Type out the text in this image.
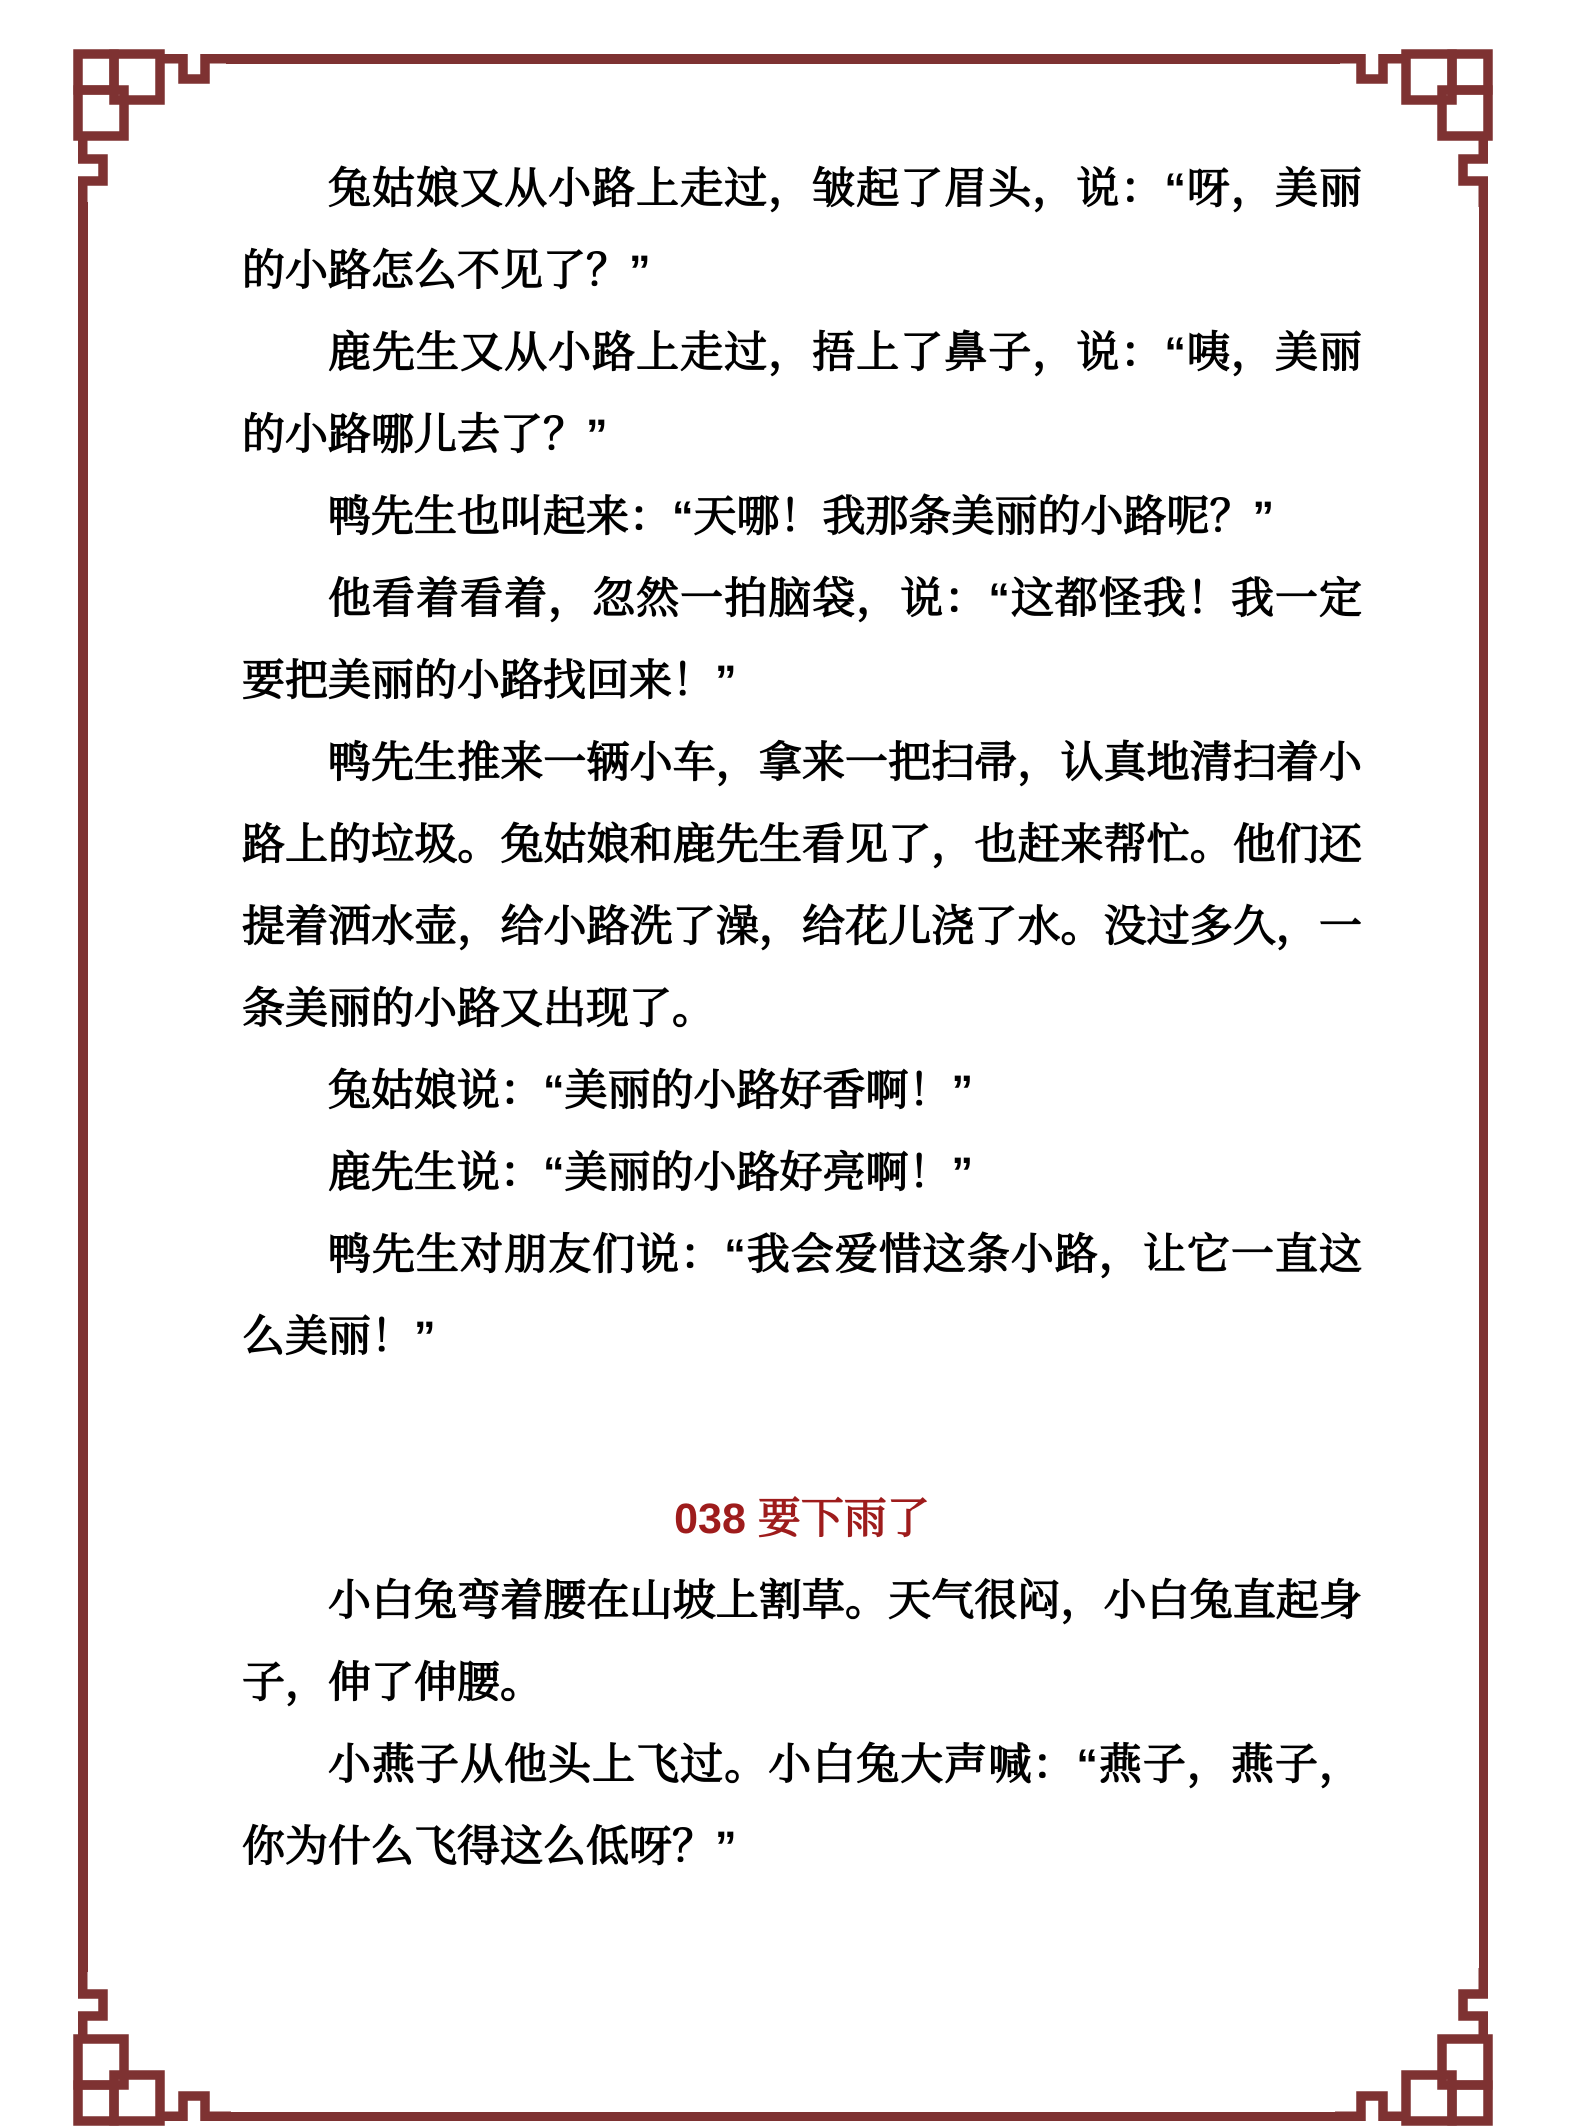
兔姑娘又从小路上走过，皱起了眉头，说：“呀，美丽的小路怎么不见了？”

鹿先生又从小路上走过，捂上了鼻子，说：“咦，美丽的小路哪儿去了？”

鸭先生也叫起来：“天哪！我那条美丽的小路呢？”

他看着看着，忽然一拍脑袋，说：“这都怪我！我一定要把美丽的小路找回来！”

鸭先生推来一辆小车，拿来一把扫帚，认真地清扫着小路上的垃圾。兔姑娘和鹿先生看见了，也赶来帮忙。他们还提着洒水壶，给小路洗了澡，给花儿浇了水。没过多久，一条美丽的小路又出现了。

兔姑娘说：“美丽的小路好香啊！”

鹿先生说：“美丽的小路好亮啊！”

鸭先生对朋友们说：“我会爱惜这条小路，让它一直这么美丽！”

038 要下雨了

小白兔弯着腰在山坡上割草。天气很闷，小白兔直起身子，伸了伸腰。

小燕子从他头上飞过。小白兔大声喊：“燕子，燕子，你为什么飞得这么低呀？”
